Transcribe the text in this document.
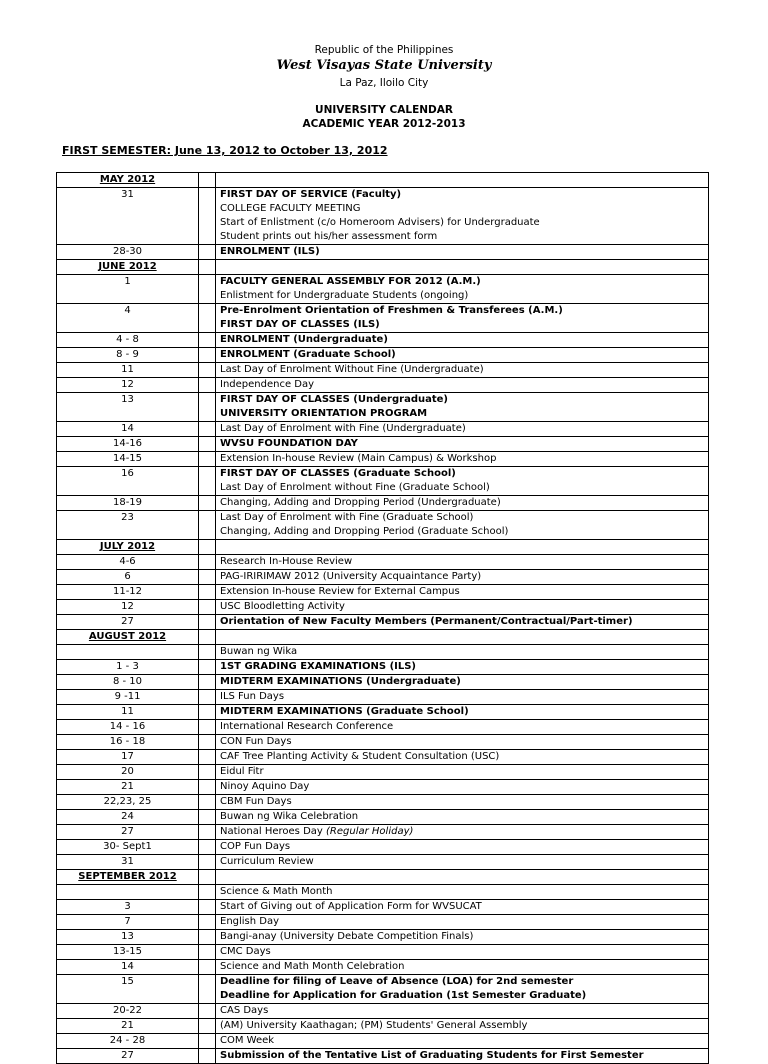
Republic of the Philippines
West Visayas State University
La Paz, Iloilo City
UNIVERSITY CALENDAR
ACADEMIC YEAR 2012-2013
FIRST SEMESTER: June 13, 2012 to October 13, 2012
MAY 2012		
31		FIRST DAY OF SERVICE (Faculty)
COLLEGE FACULTY MEETING
Start of Enlistment (c/o Homeroom Advisers) for Undergraduate
Student prints out his/her assessment form

28-30		ENROLMENT (ILS)

JUNE 2012		
1		FACULTY GENERAL ASSEMBLY FOR 2012 (A.M.)
Enlistment for Undergraduate Students (ongoing)

4		Pre-Enrolment Orientation of Freshmen & Transferees (A.M.)
FIRST DAY OF CLASSES (ILS)

4 - 8		ENROLMENT (Undergraduate)

8 - 9		ENROLMENT (Graduate School)

11		Last Day of Enrolment Without Fine (Undergraduate)

12		Independence Day

13		FIRST DAY OF CLASSES (Undergraduate)
UNIVERSITY ORIENTATION PROGRAM

14		Last Day of Enrolment with Fine (Undergraduate)

14-16		WVSU FOUNDATION DAY

14-15		Extension In-house Review (Main Campus) & Workshop

16		FIRST DAY OF CLASSES (Graduate School)
Last Day of Enrolment without Fine (Graduate School)

18-19		Changing, Adding and Dropping Period (Undergraduate)

23		Last Day of Enrolment with Fine (Graduate School)
Changing, Adding and Dropping Period (Graduate School)

JULY 2012		
4-6		Research In-House Review

6		PAG-IRIRIMAW 2012 (University Acquaintance Party)

11-12		Extension In-house Review for External Campus

12		USC Bloodletting Activity

27		Orientation of New Faculty Members (Permanent/Contractual/Part-timer)

AUGUST 2012		

		Buwan ng Wika

1 - 3		1ST GRADING EXAMINATIONS (ILS)

8 - 10		MIDTERM EXAMINATIONS (Undergraduate)

9 -11		ILS Fun Days

11		MIDTERM EXAMINATIONS (Graduate School)

14 - 16		International Research Conference

16 - 18		CON Fun Days

17		CAF Tree Planting Activity & Student Consultation (USC)

20		Eidul Fitr

21		Ninoy Aquino Day

22,23, 25		CBM Fun Days

24		Buwan ng Wika Celebration

27		National Heroes Day (Regular Holiday)

30- Sept1		COP Fun Days

31		Curriculum Review

SEPTEMBER 2012		

		Science & Math Month

3		Start of Giving out of Application Form for WVSUCAT

7		English Day

13		Bangi-anay (University Debate Competition Finals)

13-15		CMC Days

14		Science and Math Month Celebration

15		Deadline for filing of Leave of Absence (LOA) for 2nd semester
Deadline for Application for Graduation (1st Semester Graduate)

20-22		CAS Days

21		(AM) University Kaathagan; (PM) Students' General Assembly

24 - 28		COM Week

27		Submission of the Tentative List of Graduating Students for First Semester
